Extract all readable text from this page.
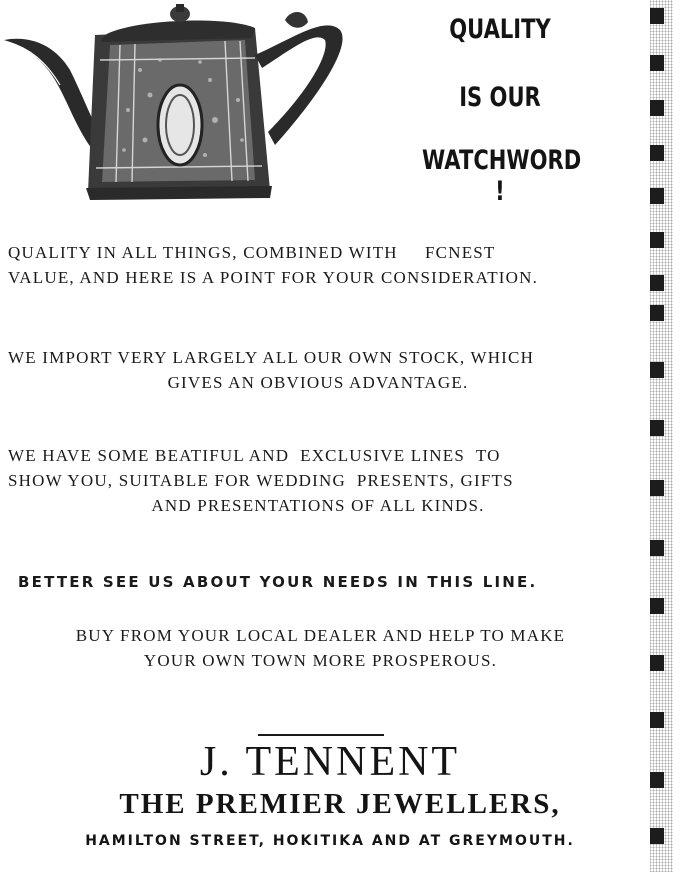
QUALITY
IS OUR
WATCHWORD !
QUALITY IN ALL THINGS, COMBINED WITH     FCNEST
VALUE, AND HERE IS A POINT FOR YOUR CONSIDERATION.
WE IMPORT VERY LARGELY ALL OUR OWN STOCK, WHICH
GIVES AN OBVIOUS ADVANTAGE.
WE HAVE SOME BEATIFUL AND  EXCLUSIVE LINES  TO
SHOW YOU, SUITABLE FOR WEDDING  PRESENTS, GIFTS
AND PRESENTATIONS OF ALL KINDS.
BETTER SEE US ABOUT YOUR NEEDS IN THIS LINE.
BUY FROM YOUR LOCAL DEALER AND HELP TO MAKE
YOUR OWN TOWN MORE PROSPEROUS.
J. TENNENT
THE PREMIER JEWELLERS,
HAMILTON STREET, HOKITIKA AND AT GREYMOUTH.
